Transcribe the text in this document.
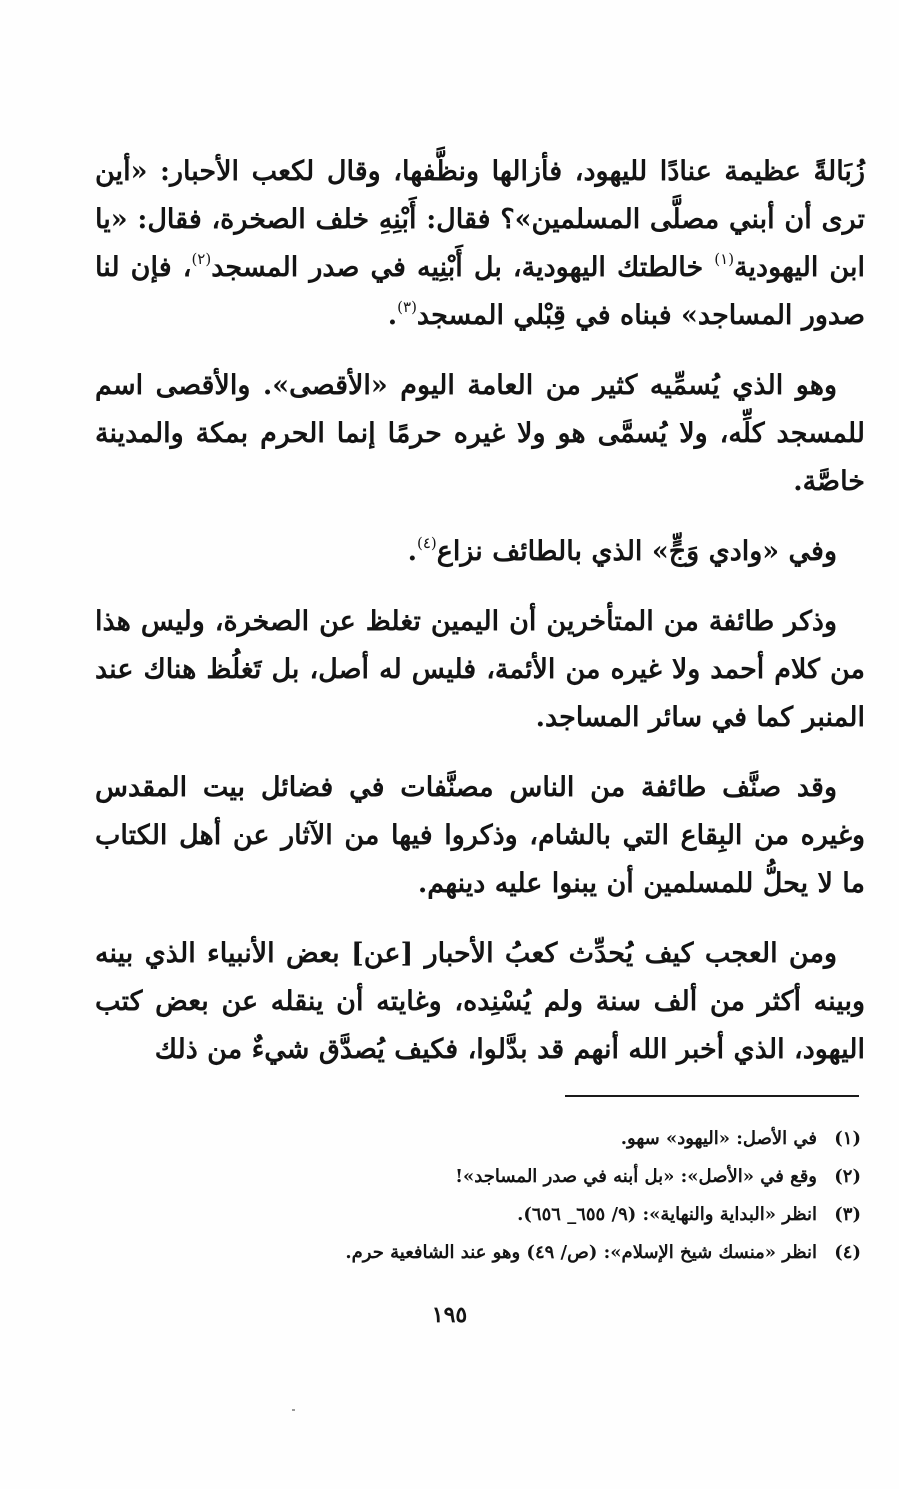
زُبَالةً عظيمة عنادًا لليهود، فأزالها ونظَّفها، وقال لكعب الأحبار: «أين ترى أن أبني مصلَّى المسلمين»؟ فقال: أَبْنِهِ خلف الصخرة، فقال: «يا ابن اليهودية$^{(١)}$ خالطتك اليهودية، بل أَبْنِيه في صدر المسجد$^{(٢)}$، فإن لنا صدور المساجد» فبناه في قِبْلي المسجد$^{(٣)}$.

وهو الذي يُسمِّيه كثير من العامة اليوم «الأقصى». والأقصى اسم للمسجد كلِّه، ولا يُسمَّى هو ولا غيره حرمًا إنما الحرم بمكة والمدينة خاصَّة.

وفي «وادي وَجٍّ» الذي بالطائف نزاع$^{(٤)}$.

وذكر طائفة من المتأخرين أن اليمين تغلظ عن الصخرة، وليس هذا من كلام أحمد ولا غيره من الأئمة، فليس له أصل، بل تَغلُظ هناك عند المنبر كما في سائر المساجد.

وقد صنَّف طائفة من الناس مصنَّفات في فضائل بيت المقدس وغيره من البِقاع التي بالشام، وذكروا فيها من الآثار عن أهل الكتاب ما لا يحلُّ للمسلمين أن يبنوا عليه دينهم.

ومن العجب كيف يُحدِّث كعبُ الأحبار [عن] بعض الأنبياء الذي بينه وبينه أكثر من ألف سنة ولم يُسْنِده، وغايته أن ينقله عن بعض كتب اليهود، الذي أخبر الله أنهم قد بدَّلوا، فكيف يُصدَّق شيءٌ من ذلك

(١)
في الأصل: «اليهود» سهو.
(٢)
وقع في «الأصل»: «بل أبنه في صدر المساجد»!
(٣)
انظر «البداية والنهاية»: (٩/ ٦٥٥_ ٦٥٦).
(٤)
انظر «منسك شيخ الإسلام»: (ص/ ٤٩) وهو عند الشافعية حرم.
١٩٥
